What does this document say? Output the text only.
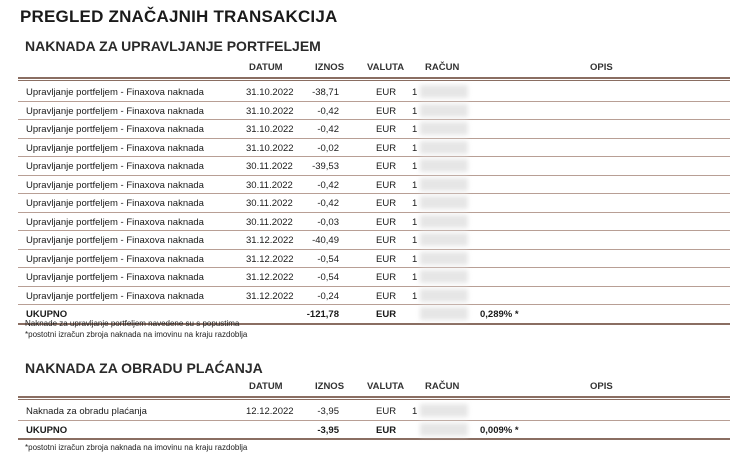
PREGLED ZNAČAJNIH TRANSAKCIJA
NAKNADA ZA UPRAVLJANJE PORTFELJEM
DATUM	IZNOS VALUTA RAČUN	OPIS
Upravljanje portfeljem - Finaxova naknada	31.10.2022	-38,71	EUR 1
Upravljanje portfeljem - Finaxova naknada	31.10.2022	-0,42	EUR 1
Upravljanje portfeljem - Finaxova naknada	31.10.2022	-0,42	EUR 1
Upravljanje portfeljem - Finaxova naknada	31.10.2022	-0,02	EUR 1
Upravljanje portfeljem - Finaxova naknada	30.11.2022	-39,53	EUR 1
Upravljanje portfeljem - Finaxova naknada	30.11.2022	-0,42	EUR 1
Upravljanje portfeljem - Finaxova naknada	30.11.2022	-0,42	EUR 1
Upravljanje portfeljem - Finaxova naknada	30.11.2022	-0,03	EUR 1
Upravljanje portfeljem - Finaxova naknada	31.12.2022	-40,49	EUR 1
Upravljanje portfeljem - Finaxova naknada	31.12.2022	-0,54	EUR 1
Upravljanje portfeljem - Finaxova naknada	31.12.2022	-0,54	EUR 1
Upravljanje portfeljem - Finaxova naknada	31.12.2022	-0,24	EUR 1
UKUPNO	-121,78	EUR	0,289% *
Naknade za upravljanje portfeljem navedene su s popustima
*postotni izračun zbroja naknada na imovinu na kraju razdoblja
NAKNADA ZA OBRADU PLAĆANJA
DATUM	IZNOS VALUTA RAČUN	OPIS
Naknada za obradu plaćanja	12.12.2022	-3,95	EUR 1
UKUPNO	-3,95	EUR	0,009% *
*postotni izračun zbroja naknada na imovinu na kraju razdoblja
